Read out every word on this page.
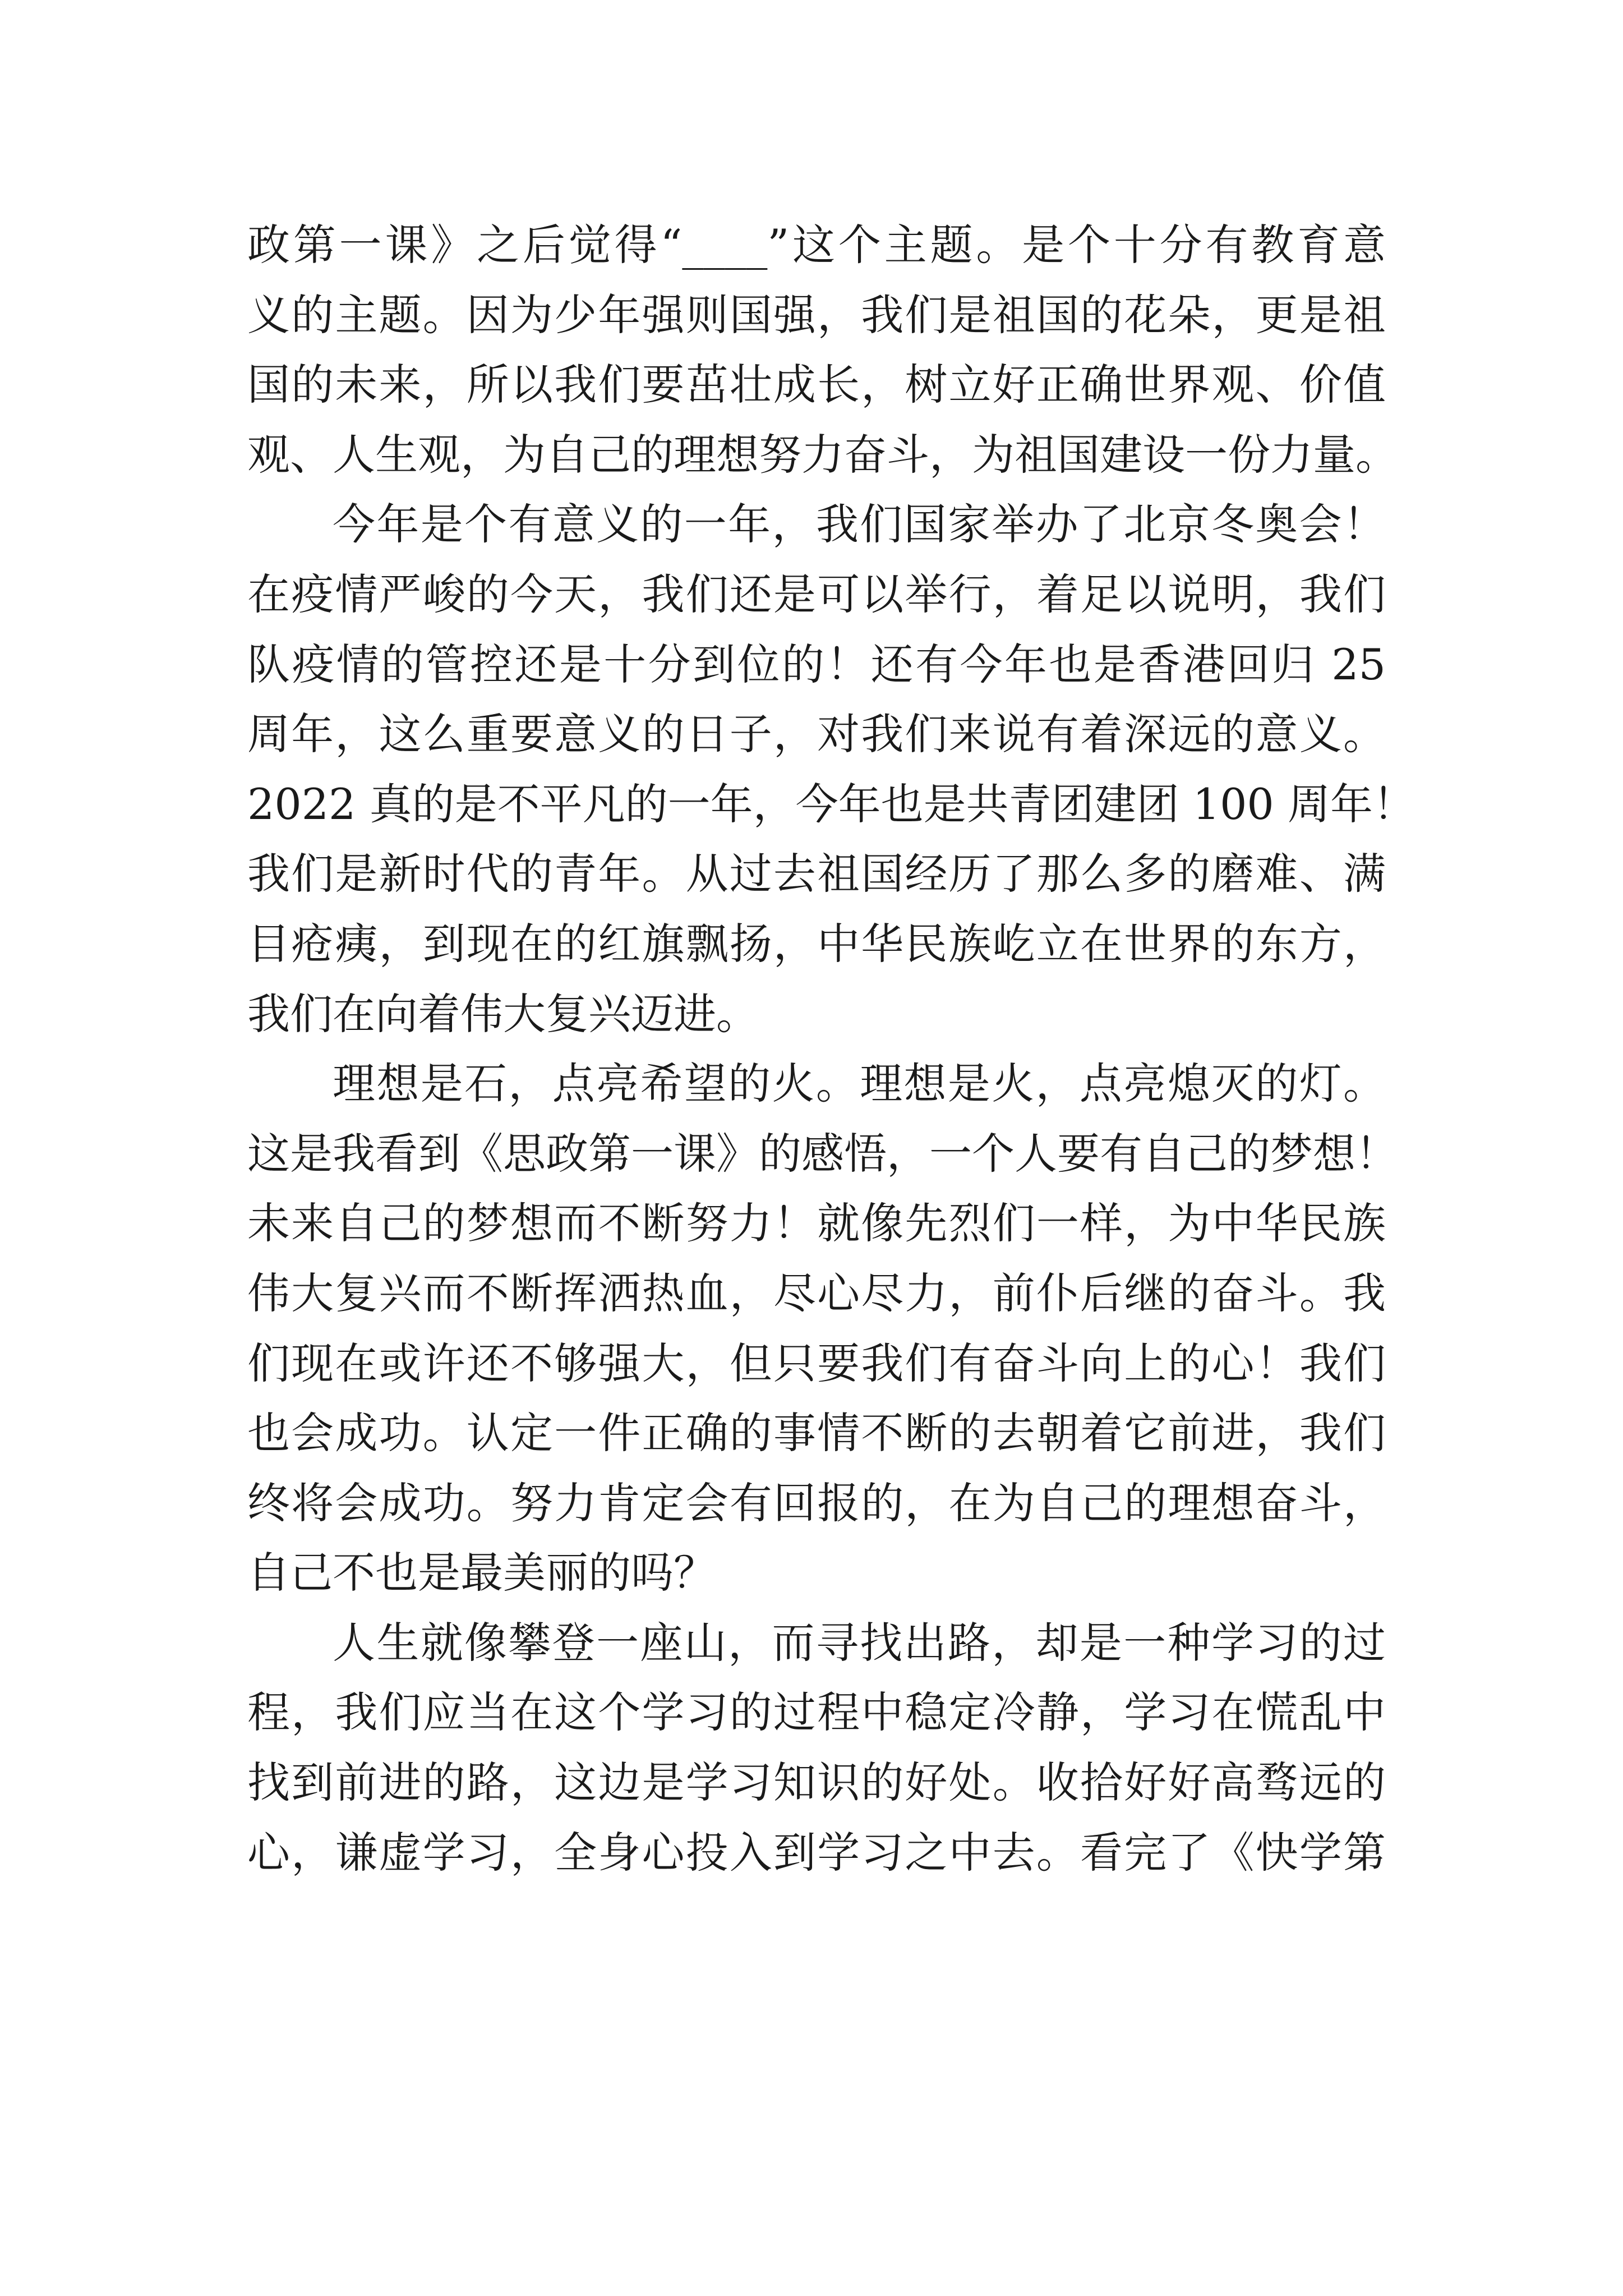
政第一课》之后觉得“____”这个主题。是个十分有教育意
义的主题。因为少年强则国强，我们是祖国的花朵，更是祖
国的未来，所以我们要茁壮成长，树立好正确世界观、价值
观、人生观，为自己的理想努力奋斗，为祖国建设一份力量。
今年是个有意义的一年，我们国家举办了北京冬奥会！
在疫情严峻的今天，我们还是可以举行，着足以说明，我们
队疫情的管控还是十分到位的！还有今年也是香港回归 25
周年，这么重要意义的日子，对我们来说有着深远的意义。
2022 真的是不平凡的一年，今年也是共青团建团 100 周年！
我们是新时代的青年。从过去祖国经历了那么多的磨难、满
目疮痍，到现在的红旗飘扬，中华民族屹立在世界的东方，
我们在向着伟大复兴迈进。
理想是石，点亮希望的火。理想是火，点亮熄灭的灯。
这是我看到《思政第一课》的感悟，一个人要有自己的梦想！
未来自己的梦想而不断努力！就像先烈们一样，为中华民族
伟大复兴而不断挥洒热血，尽心尽力，前仆后继的奋斗。我
们现在或许还不够强大，但只要我们有奋斗向上的心！我们
也会成功。认定一件正确的事情不断的去朝着它前进，我们
终将会成功。努力肯定会有回报的，在为自己的理想奋斗，
自己不也是最美丽的吗？
人生就像攀登一座山，而寻找出路，却是一种学习的过
程，我们应当在这个学习的过程中稳定冷静，学习在慌乱中
找到前进的路，这边是学习知识的好处。收拾好好高骛远的
心，谦虚学习，全身心投入到学习之中去。看完了《快学第
